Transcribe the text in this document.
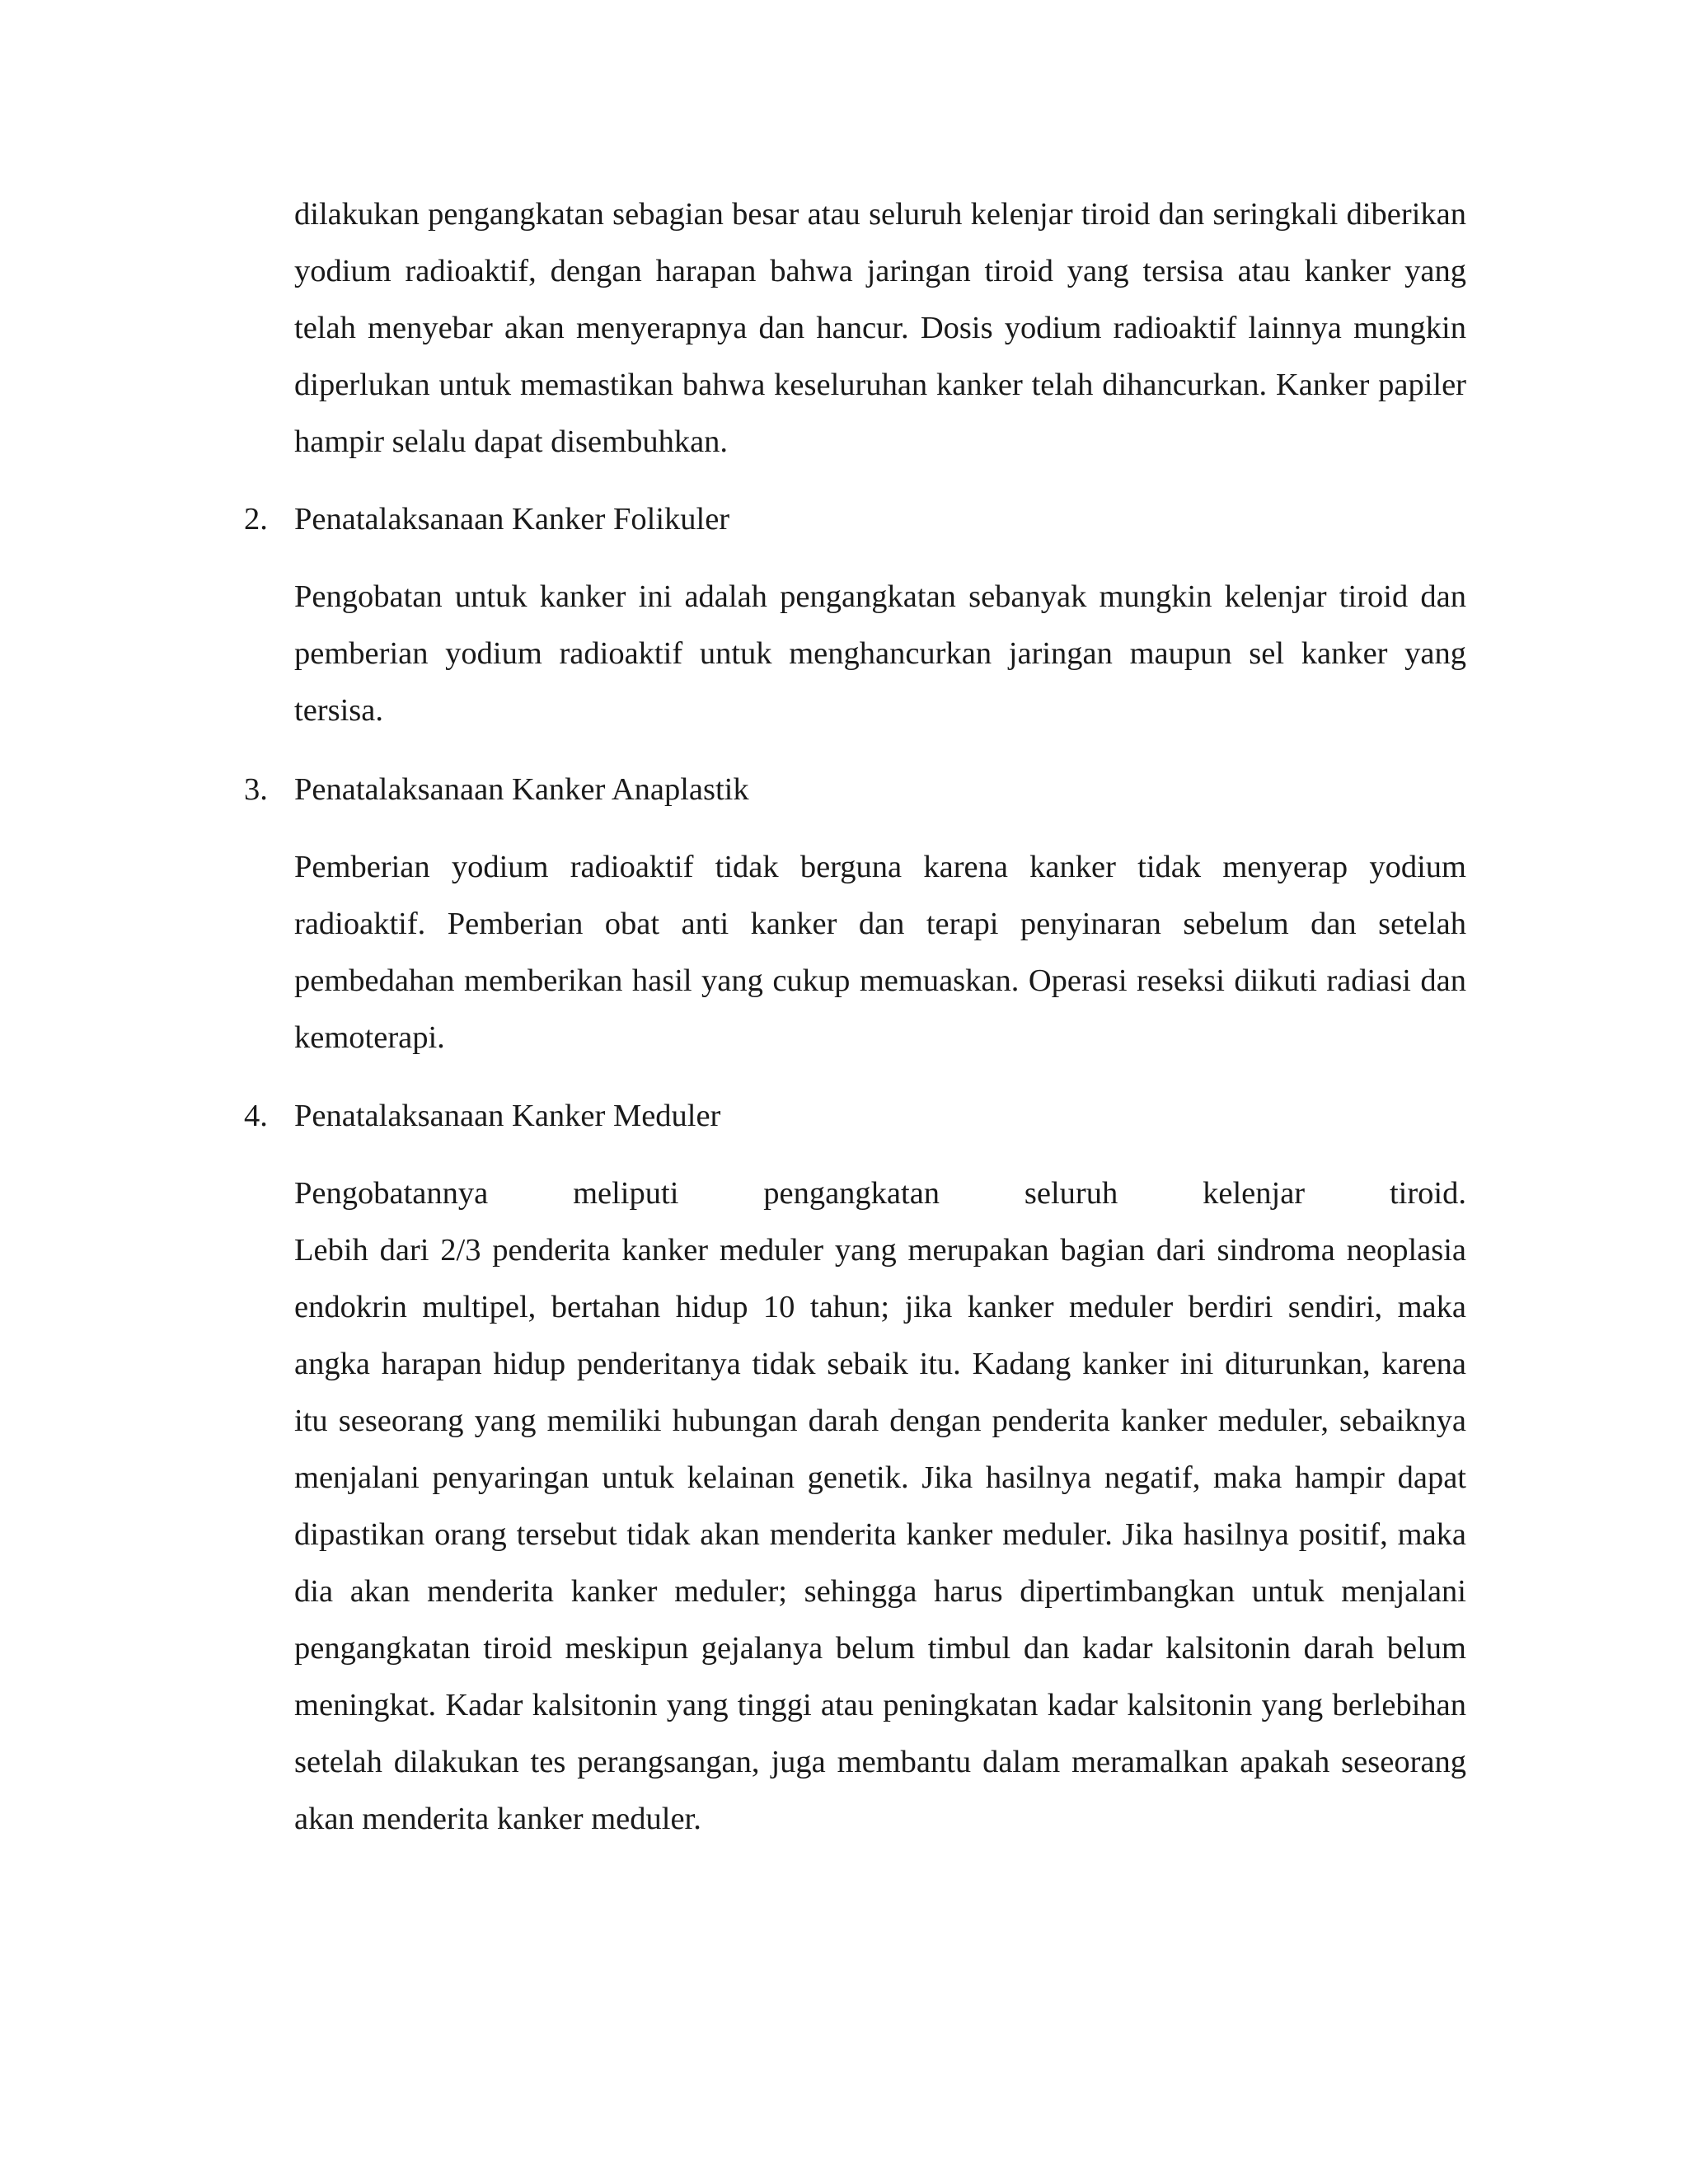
dilakukan pengangkatan sebagian besar atau seluruh kelenjar tiroid dan seringkali diberikan yodium radioaktif, dengan harapan bahwa jaringan tiroid yang tersisa atau kanker yang telah menyebar akan menyerapnya dan hancur. Dosis yodium radioaktif lainnya mungkin diperlukan untuk memastikan bahwa keseluruhan kanker telah dihancurkan. Kanker papiler hampir selalu dapat disembuhkan.

2. Penatalaksanaan Kanker Folikuler

Pengobatan untuk kanker ini adalah pengangkatan sebanyak mungkin kelenjar tiroid dan pemberian yodium radioaktif untuk menghancurkan jaringan maupun sel kanker yang tersisa.

3. Penatalaksanaan Kanker Anaplastik

Pemberian yodium radioaktif tidak berguna karena kanker tidak menyerap yodium radioaktif. Pemberian obat anti kanker dan terapi penyinaran sebelum dan setelah pembedahan memberikan hasil yang cukup memuaskan. Operasi reseksi diikuti radiasi dan kemoterapi.

4. Penatalaksanaan Kanker Meduler

Pengobatannya meliputi pengangkatan seluruh kelenjar tiroid.
Lebih dari 2/3 penderita kanker meduler yang merupakan bagian dari sindroma neoplasia endokrin multipel, bertahan hidup 10 tahun; jika kanker meduler berdiri sendiri, maka angka harapan hidup penderitanya tidak sebaik itu. Kadang kanker ini diturunkan, karena itu seseorang yang memiliki hubungan darah dengan penderita kanker meduler, sebaiknya menjalani penyaringan untuk kelainan genetik. Jika hasilnya negatif, maka hampir dapat dipastikan orang tersebut tidak akan menderita kanker meduler. Jika hasilnya positif, maka dia akan menderita kanker meduler; sehingga harus dipertimbangkan untuk menjalani pengangkatan tiroid meskipun gejalanya belum timbul dan kadar kalsitonin darah belum meningkat. Kadar kalsitonin yang tinggi atau peningkatan kadar kalsitonin yang berlebihan setelah dilakukan tes perangsangan, juga membantu dalam meramalkan apakah seseorang akan menderita kanker meduler.
